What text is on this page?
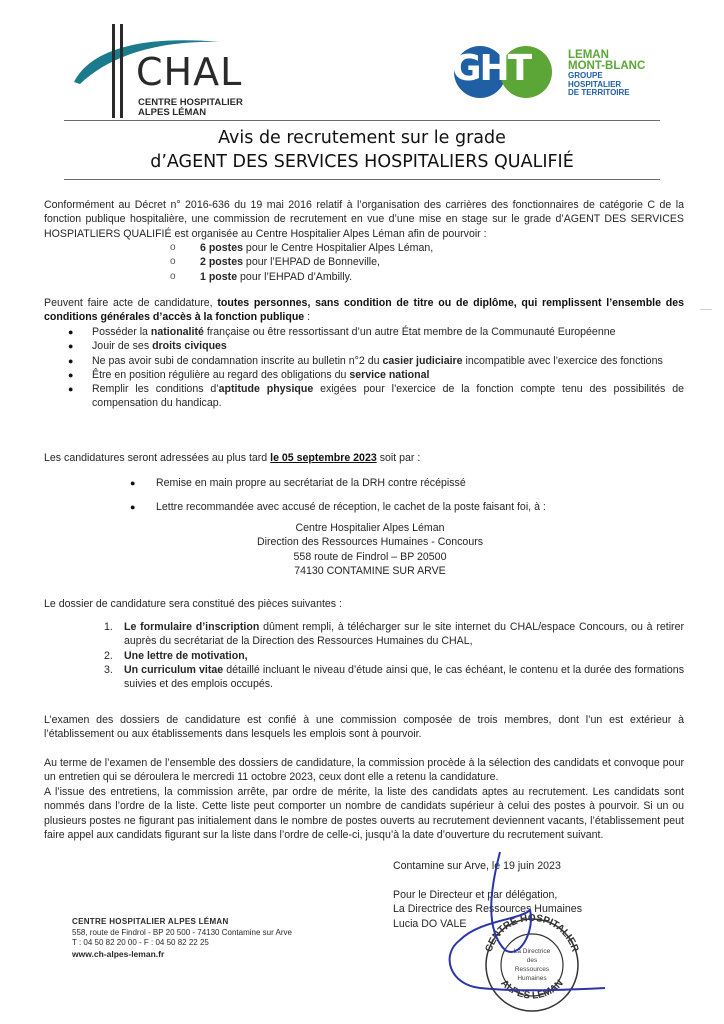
CHAL
CENTRE HOSPITALIER
ALPES LÉMAN
GHT	LEMAN
MONT-BLANC
GROUPE HOSPITALIER
DE TERRITOIRE
Avis de recrutement sur le grade
d’AGENT DES SERVICES HOSPITALIERS QUALIFIÉ
Conformément au Décret n° 2016-636 du 19 mai 2016 relatif à l’organisation des carrières des fonctionnaires de catégorie C de la fonction publique hospitalière, une commission de recrutement en vue d’une mise en stage sur le grade d’AGENT DES SERVICES HOSPIATLIERS QUALIFIÉ est organisée au Centre Hospitalier Alpes Léman afin de pourvoir :
o	6 postes pour le Centre Hospitalier Alpes Léman,
o	2 postes pour l’EHPAD de Bonneville,
o	1 poste pour l’EHPAD d’Ambilly.
Peuvent faire acte de candidature, toutes personnes, sans condition de titre ou de diplôme, qui remplissent l’ensemble des conditions générales d’accès à la fonction publique :
●	Posséder la nationalité française ou être ressortissant d’un autre État membre de la Communauté Européenne
●	Jouir de ses droits civiques
●	Ne pas avoir subi de condamnation inscrite au bulletin n°2 du casier judiciaire incompatible avec l’exercice des fonctions
●	Être en position régulière au regard des obligations du service national
●	Remplir les conditions d’aptitude physique exigées pour l’exercice de la fonction compte tenu des possibilités de compensation du handicap.
Les candidatures seront adressées au plus tard le 05 septembre 2023 soit par :
●	Remise en main propre au secrétariat de la DRH contre récépissé
●	Lettre recommandée avec accusé de réception, le cachet de la poste faisant foi, à :
Centre Hospitalier Alpes Léman
Direction des Ressources Humaines - Concours
558 route de Findrol – BP 20500
74130 CONTAMINE SUR ARVE
Le dossier de candidature sera constitué des pièces suivantes :
1.	Le formulaire d’inscription dûment rempli, à télécharger sur le site internet du CHAL/espace Concours, ou à retirer auprès du secrétariat de la Direction des Ressources Humaines du CHAL,
2.	Une lettre de motivation,
3.	Un curriculum vitae détaillé incluant le niveau d’étude ainsi que, le cas échéant, le contenu et la durée des formations suivies et des emplois occupés.
L’examen des dossiers de candidature est confié à une commission composée de trois membres, dont l’un est extérieur à l’établissement ou aux établissements dans lesquels les emplois sont à pourvoir.
Au terme de l’examen de l’ensemble des dossiers de candidature, la commission procède à la sélection des candidats et convoque pour un entretien qui se déroulera le mercredi 11 octobre 2023, ceux dont elle a retenu la candidature.
A l’issue des entretiens, la commission arrête, par ordre de mérite, la liste des candidats aptes au recrutement. Les candidats sont nommés dans l’ordre de la liste. Cette liste peut comporter un nombre de candidats supérieur à celui des postes à pourvoir. Si un ou plusieurs postes ne figurant pas initialement dans le nombre de postes ouverts au recrutement deviennent vacants, l’établissement peut faire appel aux candidats figurant sur la liste dans l’ordre de celle-ci, jusqu’à la date d’ouverture du recrutement suivant.
Contamine sur Arve, le 19 juin 2023
Pour le Directeur et par délégation,
La Directrice des Ressources Humaines
Lucia DO VALE
CENTRE HOSPITALIER
ALPES LEMAN
La Directrice
des
Ressources
Humaines
CENTRE HOSPITALIER ALPES LÉMAN
558, route de Findrol - BP 20 500 - 74130 Contamine sur Arve
T : 04 50 82 20 00 - F : 04 50 82 22 25
www.ch-alpes-leman.fr
